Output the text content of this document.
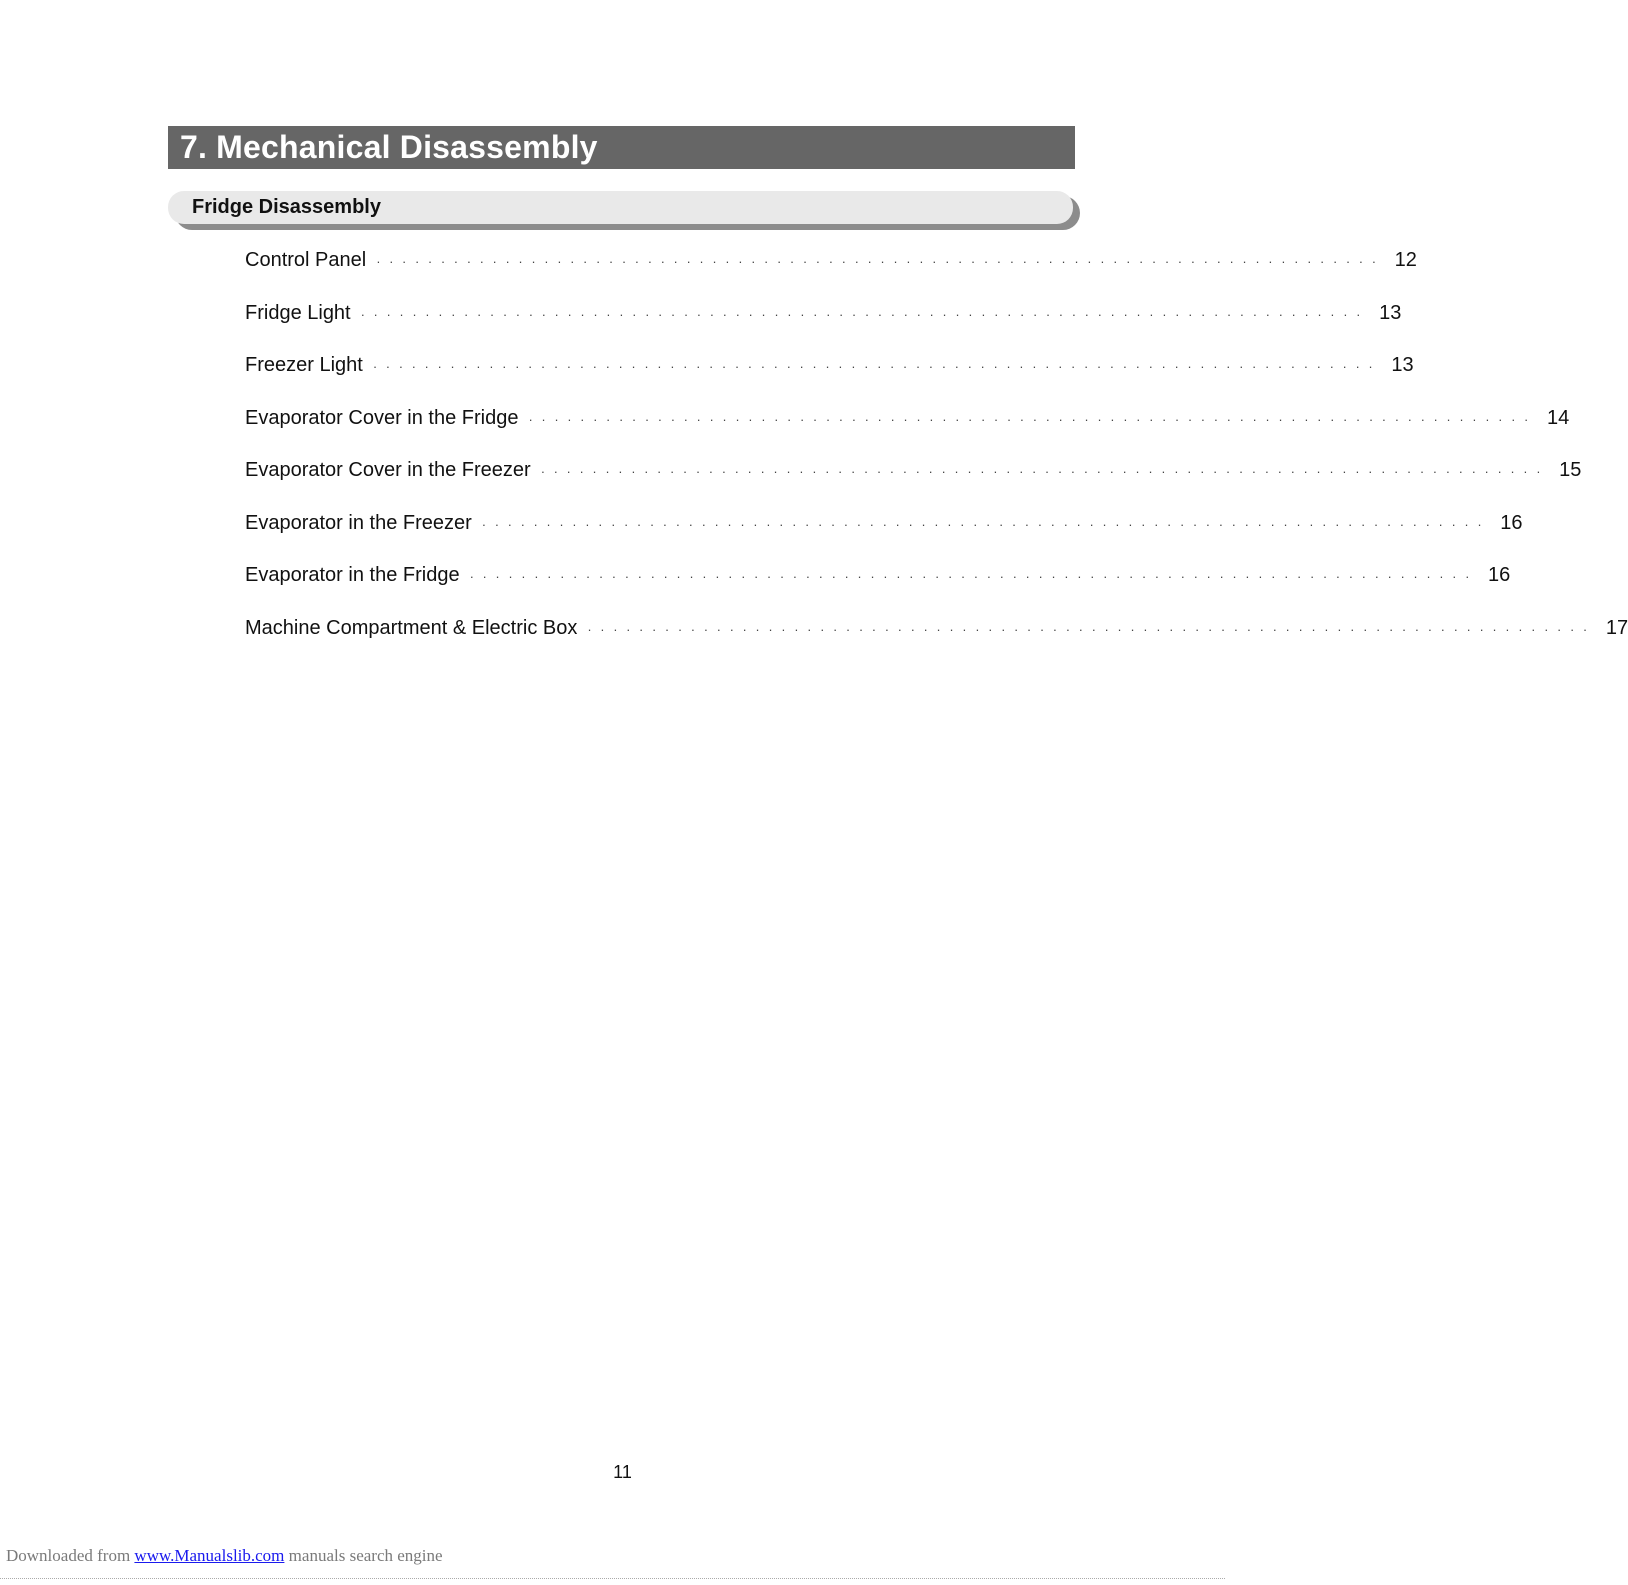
7. Mechanical Disassembly
Fridge Disassembly
Control Panel ·············································································· 12
Fridge Light ·············································································· 13
Freezer Light ·············································································· 13
Evaporator Cover in the Fridge ·············································································· 14
Evaporator Cover in the Freezer ·············································································· 15
Evaporator in the Freezer ·············································································· 16
Evaporator in the Fridge ·············································································· 16
Machine Compartment & Electric Box ·············································································· 17
11
Downloaded from www.Manualslib.com manuals search engine
